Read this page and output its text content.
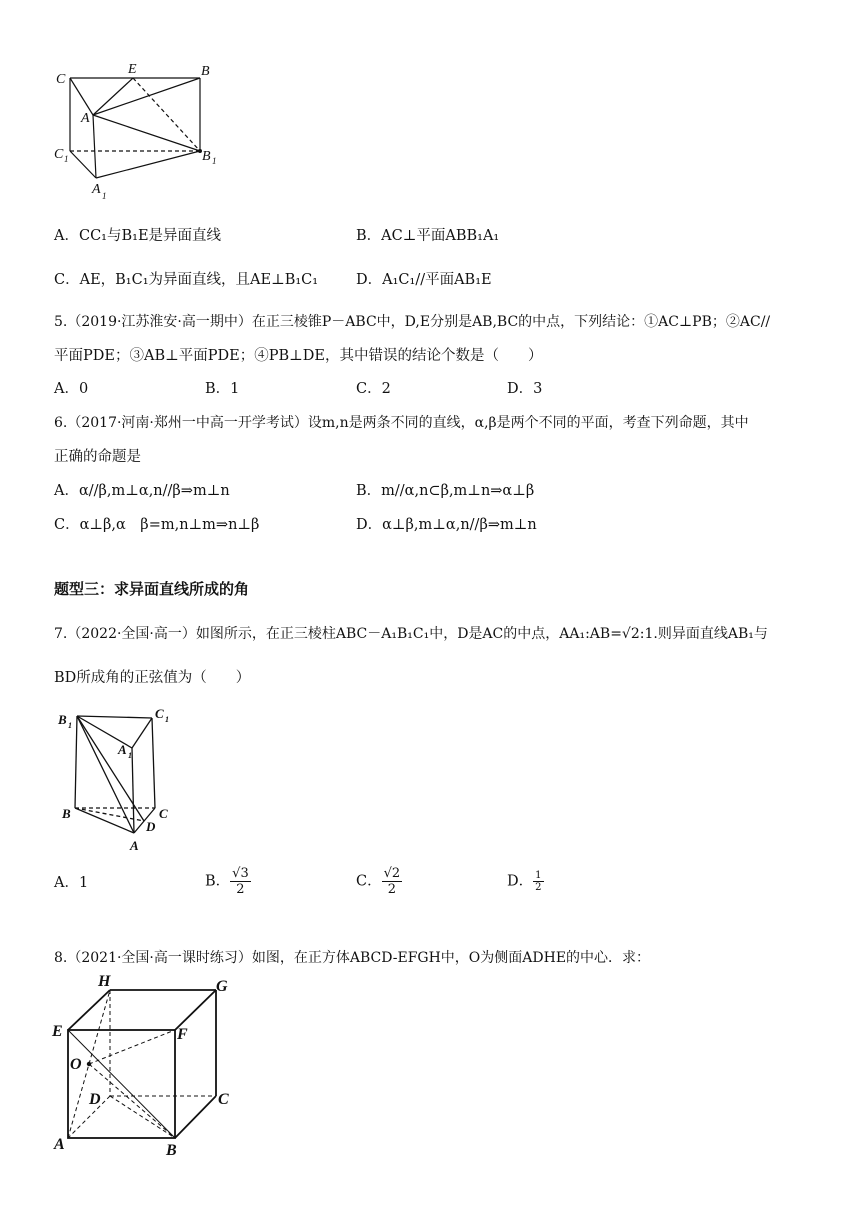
C
E	B
A
C 1	B 1
A 1
A．CC₁与B₁E是异面直线	B．AC⊥平面ABB₁A₁
C．AE，B₁C₁为异面直线，且AE⊥B₁C₁	D．A₁C₁//平面AB₁E
5.（2019·江苏淮安·高一期中）在正三棱锥P－ABC中，D,E分别是AB,BC的中点，下列结论：①AC⊥PB；②AC//
平面PDE；③AB⊥平面PDE；④PB⊥DE，其中错误的结论个数是（　　）
A．0	B．1	C．2	D．3
6.（2017·河南·郑州一中高一开学考试）设m,n是两条不同的直线，α,β是两个不同的平面，考查下列命题，其中
正确的命题是
A．α//β,m⊥α,n//β⇒m⊥n	B．m//α,n⊂β,m⊥n⇒α⊥β
C．α⊥β,α　β=m,n⊥m⇒n⊥β	D．α⊥β,m⊥α,n//β⇒m⊥n
题型三：求异面直线所成的角
7.（2022·全国·高一）如图所示，在正三棱柱ABC－A₁B₁C₁中，D是AC的中点，AA₁:AB=√2:1.则异面直线AB₁与
BD所成角的正弦值为（　　）
B 1
C 1
A 1
B	C
D
A
A．1	B． $\frac{√3}{2}$	C． $\frac{√2}{2}$	D． $\frac{1}{2}$
8.（2021·全国·高一课时练习）如图，在正方体ABCD-EFGH中，O为侧面ADHE的中心．求：
H	G
E	F
O
D	C
A	B
